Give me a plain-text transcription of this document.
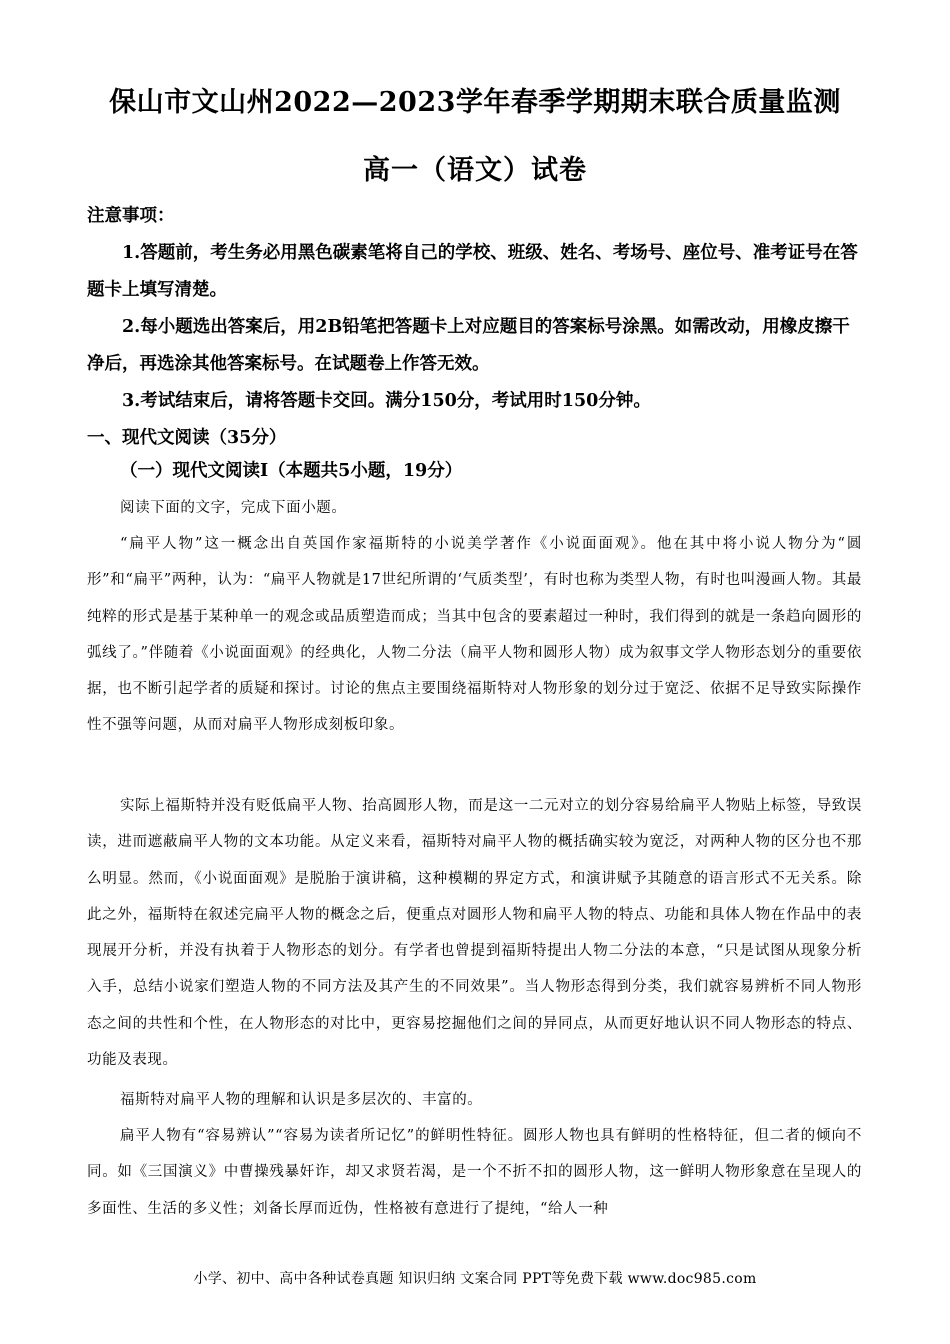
保山市文山州2022—2023学年春季学期期末联合质量监测
高一（语文）试卷
注意事项：
1.答题前，考生务必用黑色碳素笔将自己的学校、班级、姓名、考场号、座位号、准考证号在答题卡上填写清楚。
2.每小题选出答案后，用2B铅笔把答题卡上对应题目的答案标号涂黑。如需改动，用橡皮擦干净后，再选涂其他答案标号。在试题卷上作答无效。
3.考试结束后，请将答题卡交回。满分150分，考试用时150分钟。
一、现代文阅读（35分）
（一）现代文阅读Ⅰ（本题共5小题，19分）
阅读下面的文字，完成下面小题。
“扁平人物”这一概念出自英国作家福斯特的小说美学著作《小说面面观》。他在其中将小说人物分为“圆形”和“扁平”两种，认为：“扁平人物就是17世纪所谓的‘气质类型’，有时也称为类型人物，有时也叫漫画人物。其最纯粹的形式是基于某种单一的观念或品质塑造而成；当其中包含的要素超过一种时，我们得到的就是一条趋向圆形的弧线了。”伴随着《小说面面观》的经典化，人物二分法（扁平人物和圆形人物）成为叙事文学人物形态划分的重要依据，也不断引起学者的质疑和探讨。讨论的焦点主要围绕福斯特对人物形象的划分过于宽泛、依据不足导致实际操作性不强等问题，从而对扁平人物形成刻板印象。
实际上福斯特并没有贬低扁平人物、抬高圆形人物，而是这一二元对立的划分容易给扁平人物贴上标签，导致误读，进而遮蔽扁平人物的文本功能。从定义来看，福斯特对扁平人物的概括确实较为宽泛，对两种人物的区分也不那么明显。然而，《小说面面观》是脱胎于演讲稿，这种模糊的界定方式，和演讲赋予其随意的语言形式不无关系。除此之外，福斯特在叙述完扁平人物的概念之后，便重点对圆形人物和扁平人物的特点、功能和具体人物在作品中的表现展开分析，并没有执着于人物形态的划分。有学者也曾提到福斯特提出人物二分法的本意，“只是试图从现象分析入手，总结小说家们塑造人物的不同方法及其产生的不同效果”。当人物形态得到分类，我们就容易辨析不同人物形态之间的共性和个性，在人物形态的对比中，更容易挖掘他们之间的异同点，从而更好地认识不同人物形态的特点、功能及表现。
福斯特对扁平人物的理解和认识是多层次的、丰富的。
扁平人物有“容易辨认”“容易为读者所记忆”的鲜明性特征。圆形人物也具有鲜明的性格特征，但二者的倾向不同。如《三国演义》中曹操残暴奸诈，却又求贤若渴，是一个不折不扣的圆形人物，这一鲜明人物形象意在呈现人的多面性、生活的多义性；刘备长厚而近伪，性格被有意进行了提纯，“给人一种
小学、初中、高中各种试卷真题 知识归纳 文案合同 PPT等免费下载 www.doc985.com
